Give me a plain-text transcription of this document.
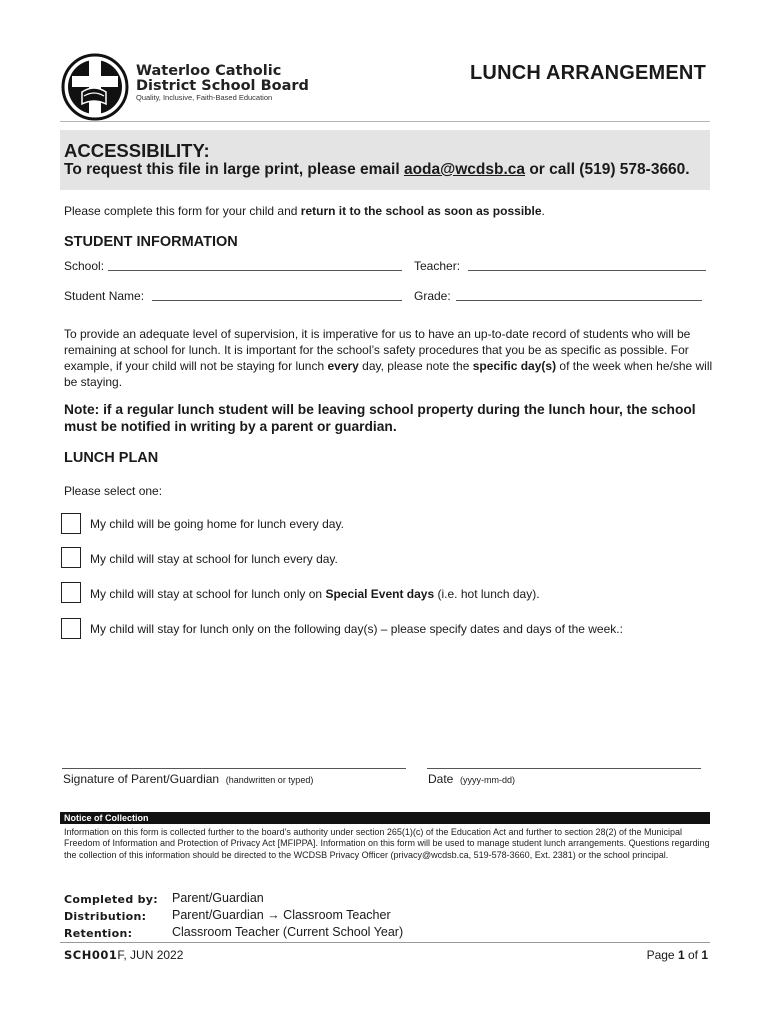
Waterloo Catholic
District School Board
Quality, Inclusive, Faith-Based Education
LUNCH ARRANGEMENT
ACCESSIBILITY:
To request this file in large print, please email aoda@wcdsb.ca or call (519) 578-3660.
Please complete this form for your child and return it to the school as soon as possible.
STUDENT INFORMATION
School:	Teacher:
Student Name:	Grade:
To provide an adequate level of supervision, it is imperative for us to have an up-to-date record of students who will be remaining at school for lunch. It is important for the school’s safety procedures that you be as specific as possible. For example, if your child will not be staying for lunch every day, please note the specific day(s) of the week when he/she will be staying.
Note: if a regular lunch student will be leaving school property during the lunch hour, the school must be notified in writing by a parent or guardian.
LUNCH PLAN
Please select one:
My child will be going home for lunch every day.
My child will stay at school for lunch every day.
My child will stay at school for lunch only on Special Event days (i.e. hot lunch day).
My child will stay for lunch only on the following day(s) – please specify dates and days of the week.:
Signature of Parent/Guardian (handwritten or typed)	Date (yyyy-mm-dd)
Notice of Collection
Information on this form is collected further to the board's authority under section 265(1)(c) of the Education Act and further to section 28(2) of the Municipal Freedom of Information and Protection of Privacy Act [MFIPPA]. Information on this form will be used to manage student lunch arrangements. Questions regarding the collection of this information should be directed to the WCDSB Privacy Officer (privacy@wcdsb.ca, 519-578-3660, Ext. 2381) or the school principal.
Completed by: Parent/Guardian
Distribution: Parent/Guardian → Classroom Teacher
Retention:	Classroom Teacher (Current School Year)
SCH001F, JUN 2022	Page 1 of 1
